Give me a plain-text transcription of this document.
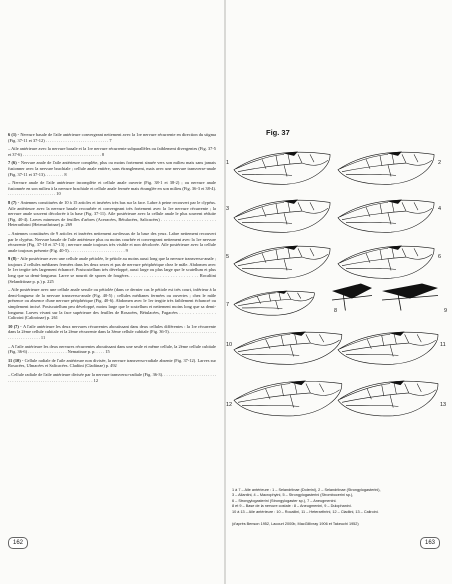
6 (1) - Nervure basale de l'aile antérieure convergeant nettement avec la 1re nervure récurrente en direction du stigma (Fig. 37-11 et 37-12) . . . . . . . . . . . . . . . . . . . . . . . . . . . . . 7

– Aile antérieure avec la nervure basale et la 1re nervure récurrente subparallèles ou faiblement divergentes (Fig. 37-5 et 37-6) . . . . . . . . . . . . . . . . . . . . . . . . . . . . . . . . . . . . 8

7 (6) - Nervure anale de l'aile antérieure complète, plus ou moins fortement sinuée vers son milieu mais sans jamais fusionner avec la nervure brachiale ; cellule anale entière, sans étranglement, mais avec une nervure transverse-anale (Fig. 37-11 et 37-13). . . . . . . . . 8

– Nervure anale de l'aile antérieure incomplète et cellule anale ouverte (Fig. 38-1 et 38-2) ; ou nervure anale fusionnée en son milieu à la nervure brachiale et cellule anale fermée mais étranglée en son milieu (Fig. 36-3 et 38-4). . . . . . . . . . . . . . . . . . . . . . . 10

8 (7) - Antennes constituées de 10 à 15 articles et insérées très bas sur la face. Labre à peine recouvert par le clypéus. Aile antérieure avec la nervure basale recourbée et convergeant très fortement avec la 1re nervure récurrente ; la nervure anale souvent décolorée à la base (Fig. 37-11). Aile postérieure avec la cellule anale le plus souvent réduite (Fig. 40-4). Larves mineuses de feuilles d'arbres (Aceracées, Bétulacées, Salicacées) . . . . . . . . . . . . . . . . . . . . . . Heterarthrini (Heterarthrinae) p. 269

– Antennes constituées de 9 articles et insérées nettement au-dessus de la base des yeux. Labre nettement recouvert par le clypéus. Nervure basale de l'aile antérieure plus ou moins courbée et convergeant nettement avec la 1re nervure récurrente (Fig. 37-10 et 37-13) ; nervure anale toujours très visible et non décolorée. Aile postérieure avec la cellule anale toujours présente (Fig. 40-5). . . . . . . . . . . . . . . . . . . . . . . . . . 9

9 (8) - Aile postérieure avec une cellule anale pétiolée, le pétiole au moins aussi long que la nervure transverso-anale ; toujours 2 cellules médianes fermées dans les deux sexes et pas de nervure périphérique chez le mâle. Abdomen avec le 1er tergite très largement échancré. Postscutellum très développé, aussi large ou plus large que le scutellum et plus long que sa demi-longueur. Larve se nourrit de spores de fougères. . . . . . . . . . . . . . . . . . . . . . . . . . . Rocaliini (Selandriinae p. p.) p. 225

– Aile postérieure avec une cellule anale sessile ou pétiolée (dans ce dernier cas le pétiole est très court, inférieur à la demi-longueur de la nervure transverso-anale (Fig. 40-5) ; cellules médianes fermées ou ouvertes ; chez le mâle présence ou absence d'une nervure périphérique (Fig. 40-6). Abdomen avec le 1er tergite très faiblement échancré ou simplement incisé. Postscutellum peu développé, moins large que le scutellum et nettement moins long que sa demi-longueur. Larves vivant sur la face supérieure des feuilles de Rosacées, Bétulacées, Fagacées . . . . . . . . . . . . . . Caliroini (Caliroinae) p. 261

10 (7) - A l'aile antérieure les deux nervures récurrentes aboutissant dans deux cellules différentes : la 1re récurrente dans la 2ème cellule cubitale et la 2ème récurrente dans la 3ème cellule cubitale (Fig. 36-5). . . . . . . . . . . . . . . . . . . . . . . . . . . . . . . . . . . . . 11

– A l'aile antérieure les deux nervures récurrentes aboutissant dans une seule et même cellule, la 2ème cellule cubitale (Fig. 36-6) . . . . . . . . . . . . . . . . . . Nematinae p. p. . . . . 15

11 (10) - Cellule radiale de l'aile antérieure non divisée, la nervure transverso-radiale absente (Fig. 37-12). Larves sur Rosacées, Ulmacées et Salicacées. Cladiini (Cladiinae) p. 492

– Cellule radiale de l'aile antérieure divisée par la nervure transverso-radiale (Fig. 36-3). . . . . . . . . . . . . . . . . . . . . . . . . . . . . . . . . . . . . . . . . . . . . . . . . . . . . . . . . . . . . . . . 12

162	163
Fig. 37
1	2
3	4
5	6
7
8	9
10	11
12	13

1 à 7 – Aile antérieure : 1 – Selandriinae (Dolerini), 2 – Selandriinae (Strongylogasterini),

3 – Allantini, 4 – Macrophyini, 5 – Strongylogasterini (Strombocerini sp.),

6 – Strongylogasterini (Strongylogaster sp.), 7 – Aneugmenini.

8 et 9 – Base de la nervure costale : 8 – Aneugmenini, 9 – Dulophanini.

10 à 13 – Aile antérieure : 10 – Rocaliini, 11 – Heterarthrini, 12 – Cladiini, 13 – Caliroini.

(d'après Benson 1952, Lacourt 2000b, MacGillivray 1906 et Takeuchi 1952)
